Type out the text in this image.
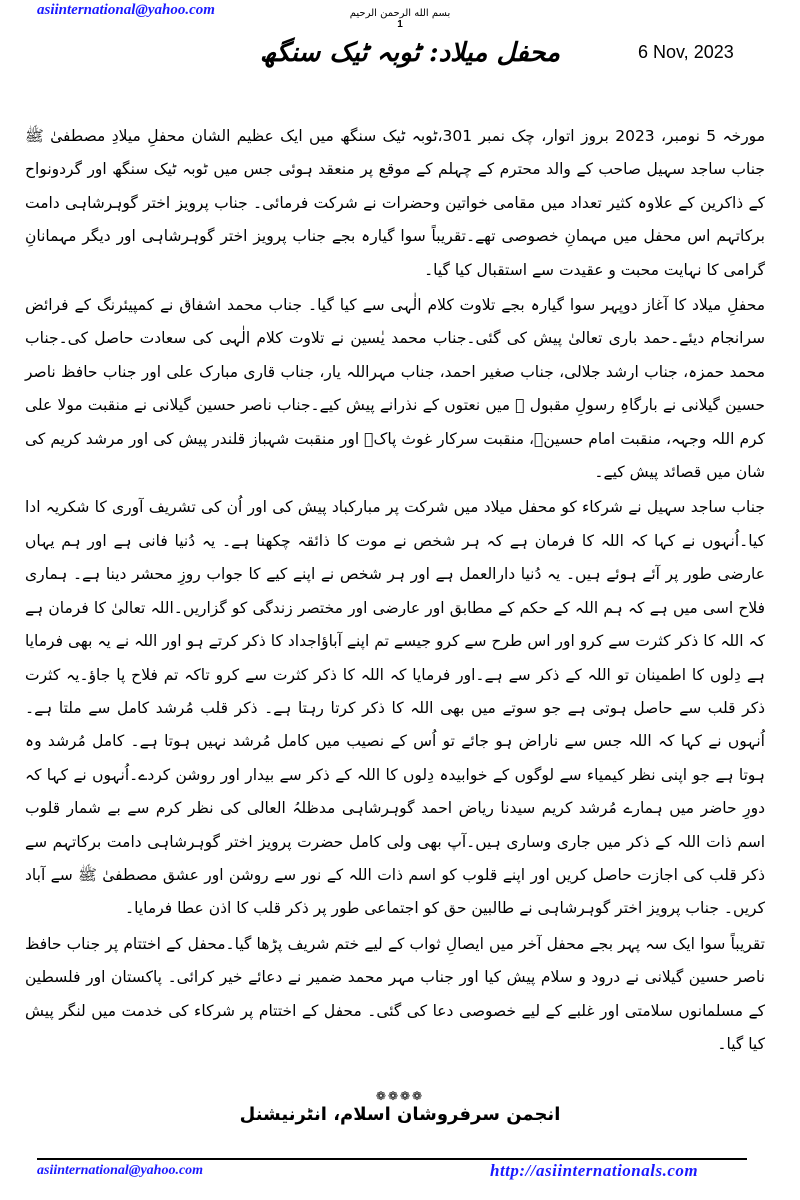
asiinternational@yahoo.com	بسم الله الرحمن الرحیم
1
محفل میلاد: ٹوبہ ٹیک سنگھ	6 Nov, 2023

مورخہ 5 نومبر، 2023 بروز اتوار، چک نمبر 301،ٹوبہ ٹیک سنگھ میں ایک عظیم الشان محفلِ میلادِ مصطفیٰ ﷺ جناب ساجد سہیل صاحب کے والد محترم کے چہلم کے موقع پر منعقد ہوئی جس میں ٹوبہ ٹیک سنگھ اور گردونواح کے ذاکرین کے علاوہ کثیر تعداد میں مقامی خواتین وحضرات نے شرکت فرمائی۔ جناب پرویز اختر گوہرشاہی دامت برکاتہم اس محفل میں مہمانِ خصوصی تھے۔تقریباً سوا گیارہ بجے جناب پرویز اختر گوہرشاہی اور دیگر مہمانانِ گرامی کا نہایت محبت و عقیدت سے استقبال کیا گیا۔

محفلِ میلاد کا آغاز دوپہر سوا گیارہ بجے تلاوت کلام الٰہی سے کیا گیا۔ جناب محمد اشفاق نے کمپیئرنگ کے فرائض سرانجام دیئے۔حمد باری تعالیٰ پیش کی گئی۔جناب محمد یٰسین نے تلاوت کلام الٰہی کی سعادت حاصل کی۔جناب محمد حمزہ، جناب ارشد جلالی، جناب صغیر احمد، جناب مہراللہ یار، جناب قاری مبارک علی اور جناب حافظ ناصر حسین گیلانی نے بارگاہِ رسولِ مقبول ﷺ میں نعتوں کے نذرانے پیش کیے۔جناب ناصر حسین گیلانی نے منقبت مولا علی کرم اللہ وجہہ، منقبت امام حسینؑ، منقبت سرکار غوث پاکؒ اور منقبت شہباز قلندر پیش کی اور مرشد کریم کی شان میں قصائد پیش کیے۔

جناب ساجد سہیل نے شرکاء کو محفل میلاد میں شرکت پر مبارکباد پیش کی اور اُن کی تشریف آوری کا شکریہ ادا کیا۔اُنہوں نے کہا کہ اللہ کا فرمان ہے کہ ہر شخص نے موت کا ذائقہ چکھنا ہے۔ یہ دُنیا فانی ہے اور ہم یہاں عارضی طور پر آئے ہوئے ہیں۔ یہ دُنیا دارالعمل ہے اور ہر شخص نے اپنے کیے کا جواب روزِ محشر دینا ہے۔ ہماری فلاح اسی میں ہے کہ ہم اللہ کے حکم کے مطابق اور عارضی اور مختصر زندگی کو گزاریں۔اللہ تعالیٰ کا فرمان ہے کہ اللہ کا ذکر کثرت سے کرو اور اس طرح سے کرو جیسے تم اپنے آباؤاجداد کا ذکر کرتے ہو اور اللہ نے یہ بھی فرمایا ہے دِلوں کا اطمینان تو اللہ کے ذکر سے ہے۔اور فرمایا کہ اللہ کا ذکر کثرت سے کرو تاکہ تم فلاح پا جاؤ۔یہ کثرت ذکر قلب سے حاصل ہوتی ہے جو سوتے میں بھی اللہ کا ذکر کرتا رہتا ہے۔ ذکر قلب مُرشد کامل سے ملتا ہے۔اُنہوں نے کہا کہ اللہ جس سے ناراض ہو جائے تو اُس کے نصیب میں کامل مُرشد نہیں ہوتا ہے۔ کامل مُرشد وہ ہوتا ہے جو اپنی نظر کیمیاء سے لوگوں کے خوابیدہ دِلوں کا اللہ کے ذکر سے بیدار اور روشن کردے۔اُنہوں نے کہا کہ دورِ حاضر میں ہمارے مُرشد کریم سیدنا ریاض احمد گوہرشاہی مدظلہُ العالی کی نظر کرم سے بے شمار قلوب اسم ذات اللہ کے ذکر میں جاری وساری ہیں۔آپ بھی ولی کامل حضرت پرویز اختر گوہرشاہی دامت برکاتہم سے ذکر قلب کی اجازت حاصل کریں اور اپنے قلوب کو اسم ذات اللہ کے نور سے روشن اور عشق مصطفیٰ ﷺ سے آباد کریں۔ جناب پرویز اختر گوہرشاہی نے طالبین حق کو اجتماعی طور پر ذکر قلب کا اذن عطا فرمایا۔

تقریباً سوا ایک سہ پہر بجے محفل آخر میں ایصالِ ثواب کے لیے ختم شریف پڑھا گیا۔محفل کے اختتام پر جناب حافظ ناصر حسین گیلانی نے درود و سلام پیش کیا اور جناب مہر محمد ضمیر نے دعائے خیر کرائی۔ پاکستان اور فلسطین کے مسلمانوں سلامتی اور غلبے کے لیے خصوصی دعا کی گئی۔ محفل کے اختتام پر شرکاء کی خدمت میں لنگر پیش کیا گیا۔

❁❁❁❁
انجمن سرفروشان اسلام، انٹرنیشنل
asiinternational@yahoo.com	http://asiinternationals.com
